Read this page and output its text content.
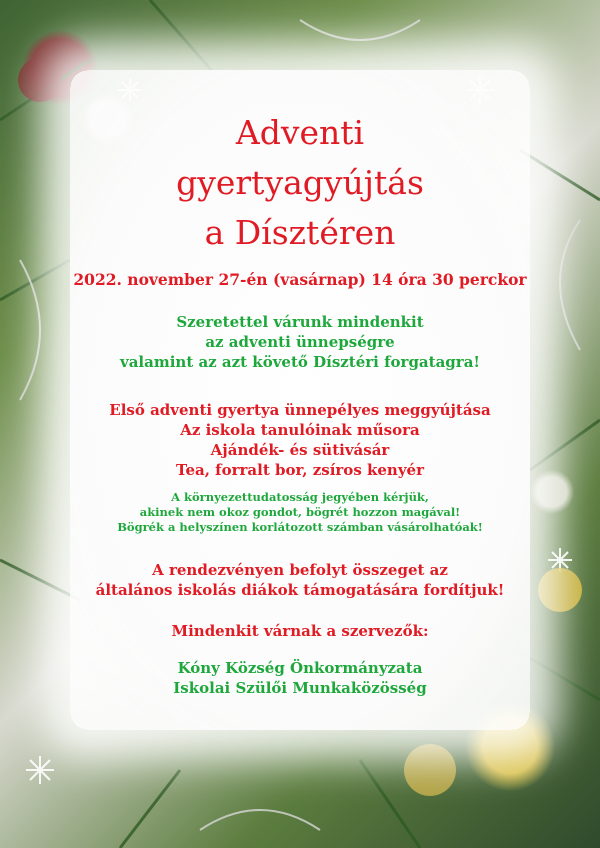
Adventi
gyertyagyújtás
a Dísztéren
2022. november 27-én (vasárnap) 14 óra 30 perckor
Szeretettel várunk mindenkit
az adventi ünnepségre
valamint az azt követő Dísztéri forgatagra!
Első adventi gyertya ünnepélyes meggyújtása
Az iskola tanulóinak műsora
Ajándék- és sütivásár
Tea, forralt bor, zsíros kenyér
A környezettudatosság jegyében kérjük,
akinek nem okoz gondot, bögrét hozzon magával!
Bögrék a helyszínen korlátozott számban vásárolhatóak!
A rendezvényen befolyt összeget az
általános iskolás diákok támogatására fordítjuk!
Mindenkit várnak a szervezők:
Kóny Község Önkormányzata
Iskolai Szülői Munkaközösség
